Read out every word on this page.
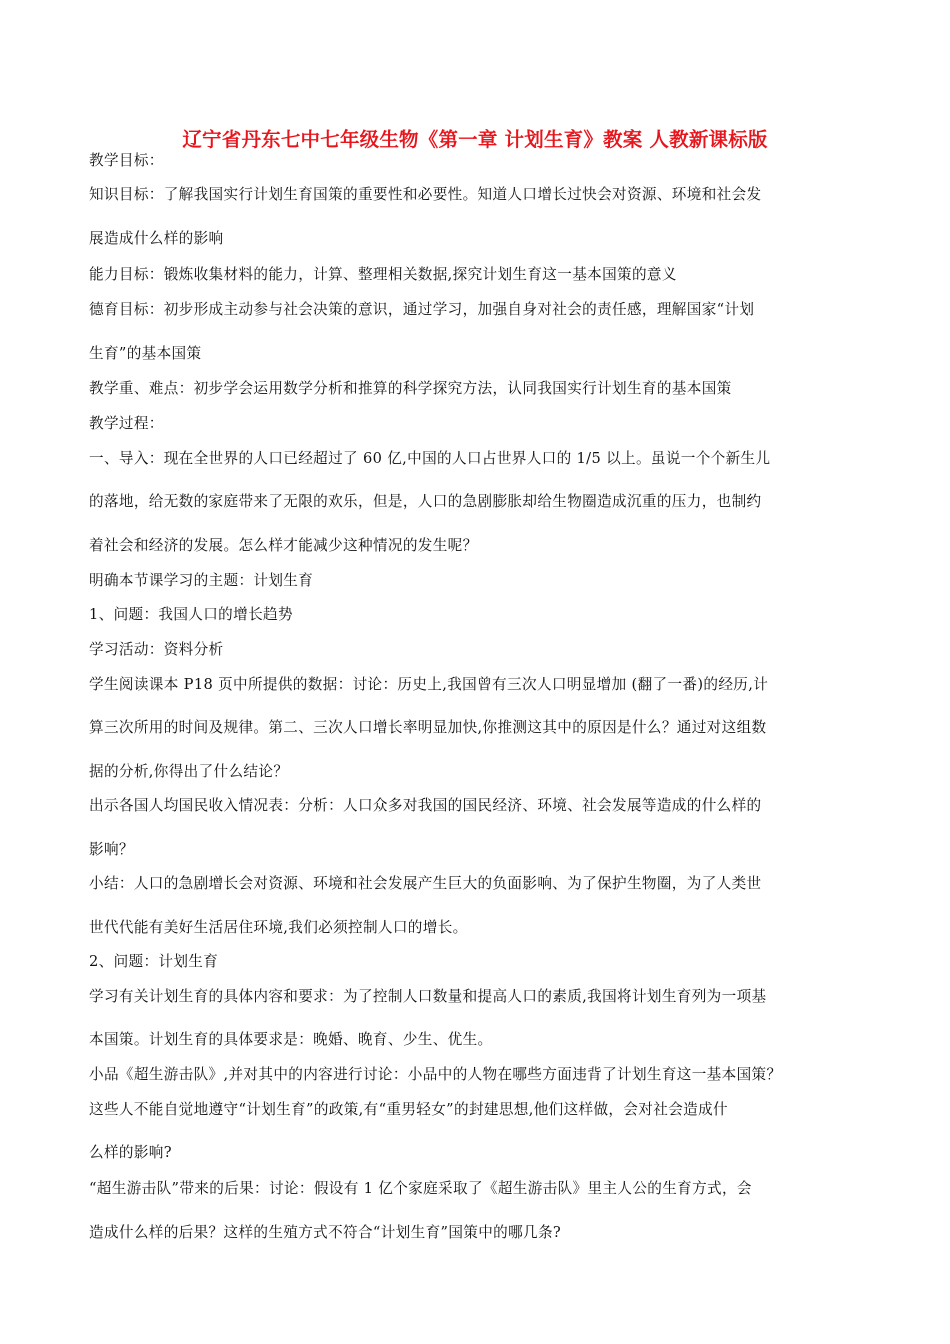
辽宁省丹东七中七年级生物《第一章 计划生育》教案 人教新课标版
教学目标：
知识目标：了解我国实行计划生育国策的重要性和必要性。知道人口增长过快会对资源、环境和社会发
展造成什么样的影响
能力目标：锻炼收集材料的能力，计算、整理相关数据,探究计划生育这一基本国策的意义
德育目标：初步形成主动参与社会决策的意识，通过学习，加强自身对社会的责任感，理解国家“计划
生育”的基本国策
教学重、难点：初步学会运用数学分析和推算的科学探究方法，认同我国实行计划生育的基本国策
教学过程：
一、导入：现在全世界的人口已经超过了 60 亿,中国的人口占世界人口的 1/5 以上。虽说一个个新生儿
的落地，给无数的家庭带来了无限的欢乐，但是，人口的急剧膨胀却给生物圈造成沉重的压力，也制约
着社会和经济的发展。怎么样才能减少这种情况的发生呢？
明确本节课学习的主题：计划生育
1、问题：我国人口的增长趋势
学习活动：资料分析
学生阅读课本 P18 页中所提供的数据：讨论：历史上,我国曾有三次人口明显增加 (翻了一番)的经历,计
算三次所用的时间及规律。第二、三次人口增长率明显加快,你推测这其中的原因是什么？通过对这组数
据的分析,你得出了什么结论？
出示各国人均国民收入情况表：分析：人口众多对我国的国民经济、环境、社会发展等造成的什么样的
影响？
小结：人口的急剧增长会对资源、环境和社会发展产生巨大的负面影响、为了保护生物圈，为了人类世
世代代能有美好生活居住环境,我们必须控制人口的增长。
2、问题：计划生育
学习有关计划生育的具体内容和要求：为了控制人口数量和提高人口的素质,我国将计划生育列为一项基
本国策。计划生育的具体要求是：晚婚、晚育、少生、优生。
小品《超生游击队》,并对其中的内容进行讨论：小品中的人物在哪些方面违背了计划生育这一基本国策？
这些人不能自觉地遵守“计划生育”的政策,有“重男轻女”的封建思想,他们这样做，会对社会造成什
么样的影响?
“超生游击队”带来的后果：讨论：假设有 1 亿个家庭采取了《超生游击队》里主人公的生育方式，会
造成什么样的后果？这样的生殖方式不符合“计划生育”国策中的哪几条?
